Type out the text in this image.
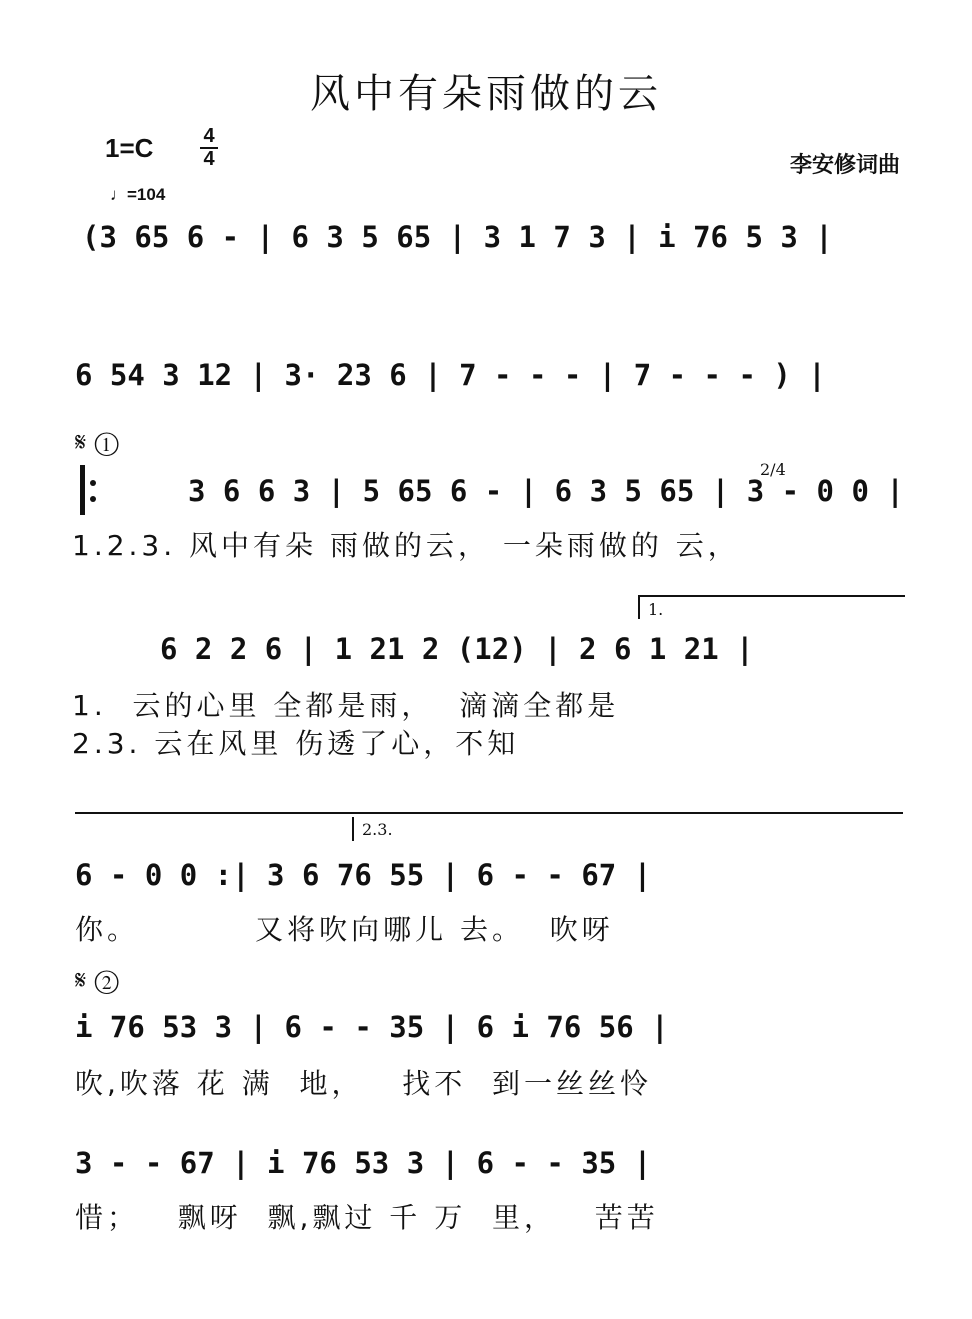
风中有朵雨做的云
1=C	4
4
♩=104
李安修词曲
(3 65 6 - | 6 3 5 65 | 3 1 7 3 | i 76 5 3 |
6 54 3 12 | 3· 23 6 | 7 - - - | 7 - - - ) |
𝄋 ①
3 6 6 3 | 5 65 6 - | 6 3 5 65 | 3 - 0 0 |
2/4
1.2.3. 风中有朵 雨做的云， 一朵雨做的 云，
1.
6 2 2 6 | 1 21 2 (12) | 2 6 1 21 |
1.  云的心里 全都是雨，  滴滴全都是
2.3. 云在风里 伤透了心，不知
2.3.
6 - 0 0 :| 3 6 76 55 | 6 - - 67 |
你。         又将吹向哪儿 去。  吹呀
𝄋 ②
i 76 53 3 | 6 - - 35 | 6 i 76 56 |
吹,吹落 花 满  地，   找不  到一丝丝怜
3 - - 67 | i 76 53 3 | 6 - - 35 |
惜；   飘呀  飘,飘过 千 万  里，   苦苦
